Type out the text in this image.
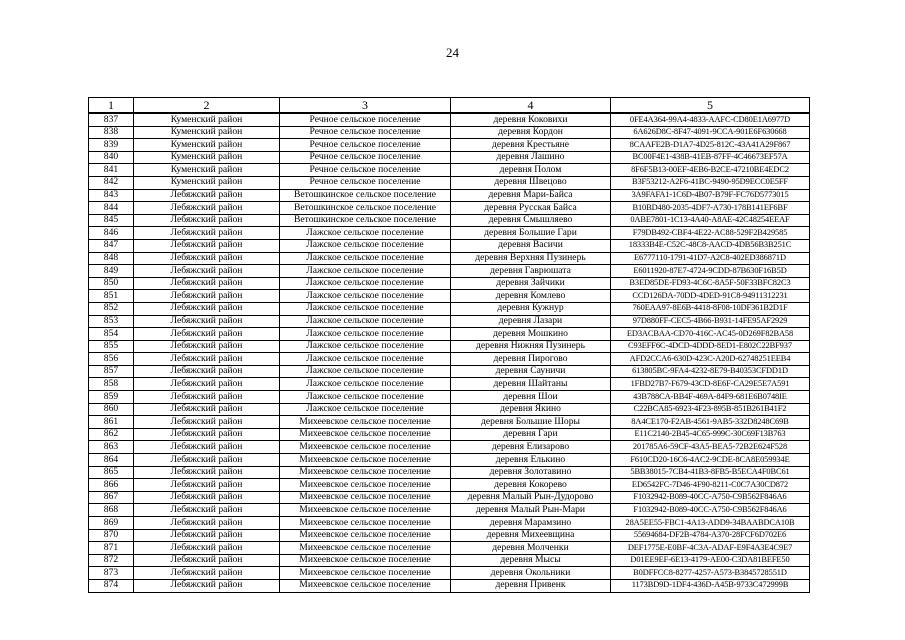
24
1	2	3	4	5
837	Куменский район	Речное сельское поселение	деревня Коковихи	0FE4A364-99A4-4833-AAFC-CD80E1A6977D
838	Куменский район	Речное сельское поселение	деревня Кордон	6A626D8C-8F47-4091-9CCA-901E6F630668
839	Куменский район	Речное сельское поселение	деревня Крестьяне	8CAAFE2B-D1A7-4D25-812C-43A41A29F867
840	Куменский район	Речное сельское поселение	деревня Лашино	BC00F4E1-438B-41EB-87FF-4C46673EF57A
841	Куменский район	Речное сельское поселение	деревня Полом	8F6F5B13-00EF-4EB6-B2CE-47210BE4EDC2
842	Куменский район	Речное сельское поселение	деревня Швецово	B3F53212-A2F6-41BC-9490-95D9ECC0E5FF
843	Лебяжский район	Ветошкинское сельское поселение	деревня Мари-Байса	3A9FAFA1-1C6D-4B07-B79F-FC76D5773015
844	Лебяжский район	Ветошкинское сельское поселение	деревня Русская Байса	B10BD480-2035-4DF7-A730-178B141EF6BF
845	Лебяжский район	Ветошкинское сельское поселение	деревня Смышляево	0ABE7801-1C13-4A40-A8AE-42C48254EEAF
846	Лебяжский район	Лажское сельское поселение	деревня Большие Гари	F79DB492-CBF4-4E22-AC88-529F2B429585
847	Лебяжский район	Лажское сельское поселение	деревня Васичи	18333B4E-C52C-48C8-AACD-4DB56B3B251C
848	Лебяжский район	Лажское сельское поселение	деревня Верхняя Пузинерь	E6777110-1791-41D7-A2C8-402ED386871D
849	Лебяжский район	Лажское сельское поселение	деревня Гаврюшата	E6011920-87E7-4724-9CDD-87B630F16B5D
850	Лебяжский район	Лажское сельское поселение	деревня Зайчики	B3ED85DE-FD93-4C6C-8A5F-50F33BFC82C3
851	Лебяжский район	Лажское сельское поселение	деревня Комлево	CCD126DA-70DD-4DED-91C8-94911312231
852	Лебяжский район	Лажское сельское поселение	деревня Кужнур	760EAA97-8E6B-4418-8F08-10DF361B2D1F
853	Лебяжский район	Лажское сельское поселение	деревня Лазари	97D880FF-CEC5-4B66-B931-14FE95AF2929
854	Лебяжский район	Лажское сельское поселение	деревня Мошкино	ED3ACBAA-CD70-416C-AC45-0D269F82BA58
855	Лебяжский район	Лажское сельское поселение	деревня Нижняя Пузинерь	C93EFF6C-4DCD-4DDD-8ED1-E802C22BF937
856	Лебяжский район	Лажское сельское поселение	деревня Пирогово	AFD2CCA6-630D-423C-A20D-62748251EEB4
857	Лебяжский район	Лажское сельское поселение	деревня Сауничи	613805BC-9FA4-4232-8E79-B40353CFDD1D
858	Лебяжский район	Лажское сельское поселение	деревня Шайтаны	1FBD27B7-F679-43CD-8E6F-CA29E5E7A591
859	Лебяжский район	Лажское сельское поселение	деревня Шои	43B788CA-BB4F-469A-84F9-681E6B0748IE
860	Лебяжский район	Лажское сельское поселение	деревня Якино	C22BCA85-6923-4F23-895B-851B261B41F2
861	Лебяжский район	Михеевское сельское поселение	деревня Большие Шоры	8A4CE170-F2AB-4561-9AB5-332D8248C69B
862	Лебяжский район	Михеевское сельское поселение	деревня Гари	E11C2140-2B45-4C65-999C-30C69F13B763
863	Лебяжский район	Михеевское сельское поселение	деревня Елизарово	201785A6-59CF-43A5-BEA5-72B2E624F528
864	Лебяжский район	Михеевское сельское поселение	деревня Елькино	F610CD20-16C6-4AC2-9CDE-8CA8E059934E
865	Лебяжский район	Михеевское сельское поселение	деревня Золотавино	5BB38015-7CB4-41B3-8FB5-B5ECA4F0BC61
866	Лебяжский район	Михеевское сельское поселение	деревня Кокорево	ED6542FC-7D46-4F90-8211-C0C7A30CD872
867	Лебяжский район	Михеевское сельское поселение	деревня Малый Рын-Дудорово	F1032942-B089-40CC-A750-C9B562F846A6
868	Лебяжский район	Михеевское сельское поселение	деревня Малый Рын-Мари	F1032942-B089-40CC-A750-C9B562F846A6
869	Лебяжский район	Михеевское сельское поселение	деревня Марамзино	28A5EE55-FBC1-4A13-ADD9-34BAABDCA10B
870	Лебяжский район	Михеевское сельское поселение	деревня Михеевщина	55694684-DF2B-4784-A370-28FCF6D702E6
871	Лебяжский район	Михеевское сельское поселение	деревня Молченки	DEF1775E-E0BF-4C3A-ADAF-E9F4A3E4C9E7
872	Лебяжский район	Михеевское сельское поселение	деревня Мысы	D01EE9EF-6E13-4179-AE00-C3DA81BEFE50
873	Лебяжский район	Михеевское сельское поселение	деревня Окольники	B0DFFCC8-8277-4257-A573-B3845728551D
874	Лебяжский район	Михеевское сельское поселение	деревня Привенк	1173BD9D-1DF4-436D-A45B-9733C472999B
